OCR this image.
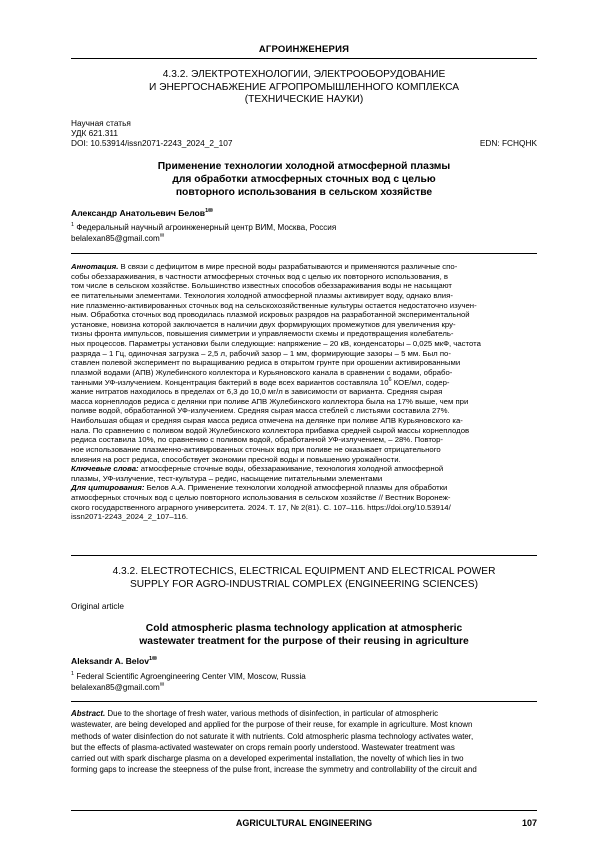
АГРОИНЖЕНЕРИЯ
4.3.2. ЭЛЕКТРОТЕХНОЛОГИИ, ЭЛЕКТРООБОРУДОВАНИЕ
И ЭНЕРГОСНАБЖЕНИЕ АГРОПРОМЫШЛЕННОГО КОМПЛЕКСА
(ТЕХНИЧЕСКИЕ НАУКИ)
Научная статья
УДК 621.311
DOI: 10.53914/issn2071-2243_2024_2_107	EDN: FCHQHK
Применение технологии холодной атмосферной плазмы
для обработки атмосферных сточных вод с целью
повторного использования в сельском хозяйстве
Александр Анатольевич Белов$^{1✉}$
$^1$ Федеральный научный агроинженерный центр ВИМ, Москва, Россия
belalexan85@gmail.com✉

Аннотация. В связи с дефицитом в мире пресной воды разрабатываются и применяются различные спо-

собы обеззараживания, в частности атмосферных сточных вод с целью их повторного использования, в

том числе в сельском хозяйстве. Большинство известных способов обеззараживания воды не насыщают

ее питательными элементами. Технология холодной атмосферной плазмы активирует воду, однако влия-

ние плазменно-активированных сточных вод на сельскохозяйственные культуры остается недостаточно изучен-

ным. Обработка сточных вод проводилась плазмой искровых разрядов на разработанной экспериментальной

установке, новизна которой заключается в наличии двух формирующих промежутков для увеличения кру-

тизны фронта импульсов, повышения симметрии и управляемости схемы и предотвращения колебатель-

ных процессов. Параметры установки были следующие: напряжение – 20 кВ, конденсаторы – 0,025 мкФ, частота

разряда – 1 Гц, одиночная загрузка – 2,5 л, рабочий зазор – 1 мм, формирующие зазоры – 5 мм. Был по-

ставлен полевой эксперимент по выращиванию редиса в открытом грунте при орошении активированными

плазмой водами (АПВ) Жулебинского коллектора и Курьяновского канала в сравнении с водами, обрабо-

танными УФ-излучением. Концентрация бактерий в воде всех вариантов составляла $10^6$ КОЕ/мл, содер-

жание нитратов находилось в пределах от 6,3 до 10,0 мг/л в зависимости от варианта. Средняя сырая

масса корнеплодов редиса с делянки при поливе АПВ Жулебинского коллектора была на 17% выше, чем при

поливе водой, обработанной УФ-излучением. Средняя сырая масса стеблей с листьями составила 27%.

Наибольшая общая и средняя сырая масса редиса отмечена на делянке при поливе АПВ Курьяновского ка-

нала. По сравнению с поливом водой Жулебинского коллектора прибавка средней сырой массы корнеплодов

редиса составила 10%, по сравнению с поливом водой, обработанной УФ-излучением, – 28%. Повтор-

ное использование плазменно-активированных сточных вод при поливе не оказывает отрицательного

влияния на рост редиса, способствует экономии пресной воды и повышению урожайности.

Ключевые слова: атмосферные сточные воды, обеззараживание, технология холодной атмосферной

плазмы, УФ-излучение, тест-культура – редис, насыщение питательными элементами

Для цитирования: Белов А.А. Применение технологии холодной атмосферной плазмы для обработки

атмосферных сточных вод с целью повторного использования в сельском хозяйстве // Вестник Воронеж-

ского государственного аграрного университета. 2024. Т. 17, № 2(81). С. 107–116. https://doi.org/10.53914/

issn2071-2243_2024_2_107–116.

4.3.2. ELECTROTECHICS, ELECTRICAL EQUIPMENT AND ELECTRICAL POWER
SUPPLY FOR AGRO-INDUSTRIAL COMPLEX (ENGINEERING SCIENCES)
Original article
Cold atmospheric plasma technology application at atmospheric
wastewater treatment for the purpose of their reusing in agriculture
Aleksandr A. Belov$^{1✉}$
$^1$ Federal Scientific Agroengineering Center VIM, Moscow, Russia
belalexan85@gmail.com✉

Abstract. Due to the shortage of fresh water, various methods of disinfection, in particular of atmospheric

wastewater, are being developed and applied for the purpose of their reuse, for example in agriculture. Most known

methods of water disinfection do not saturate it with nutrients. Cold atmospheric plasma technology activates water,

but the effects of plasma-activated wastewater on crops remain poorly understood. Wastewater treatment was

carried out with spark discharge plasma on a developed experimental installation, the novelty of which lies in two

forming gaps to increase the steepness of the pulse front, increase the symmetry and controllability of the circuit and

AGRICULTURAL ENGINEERING	107
